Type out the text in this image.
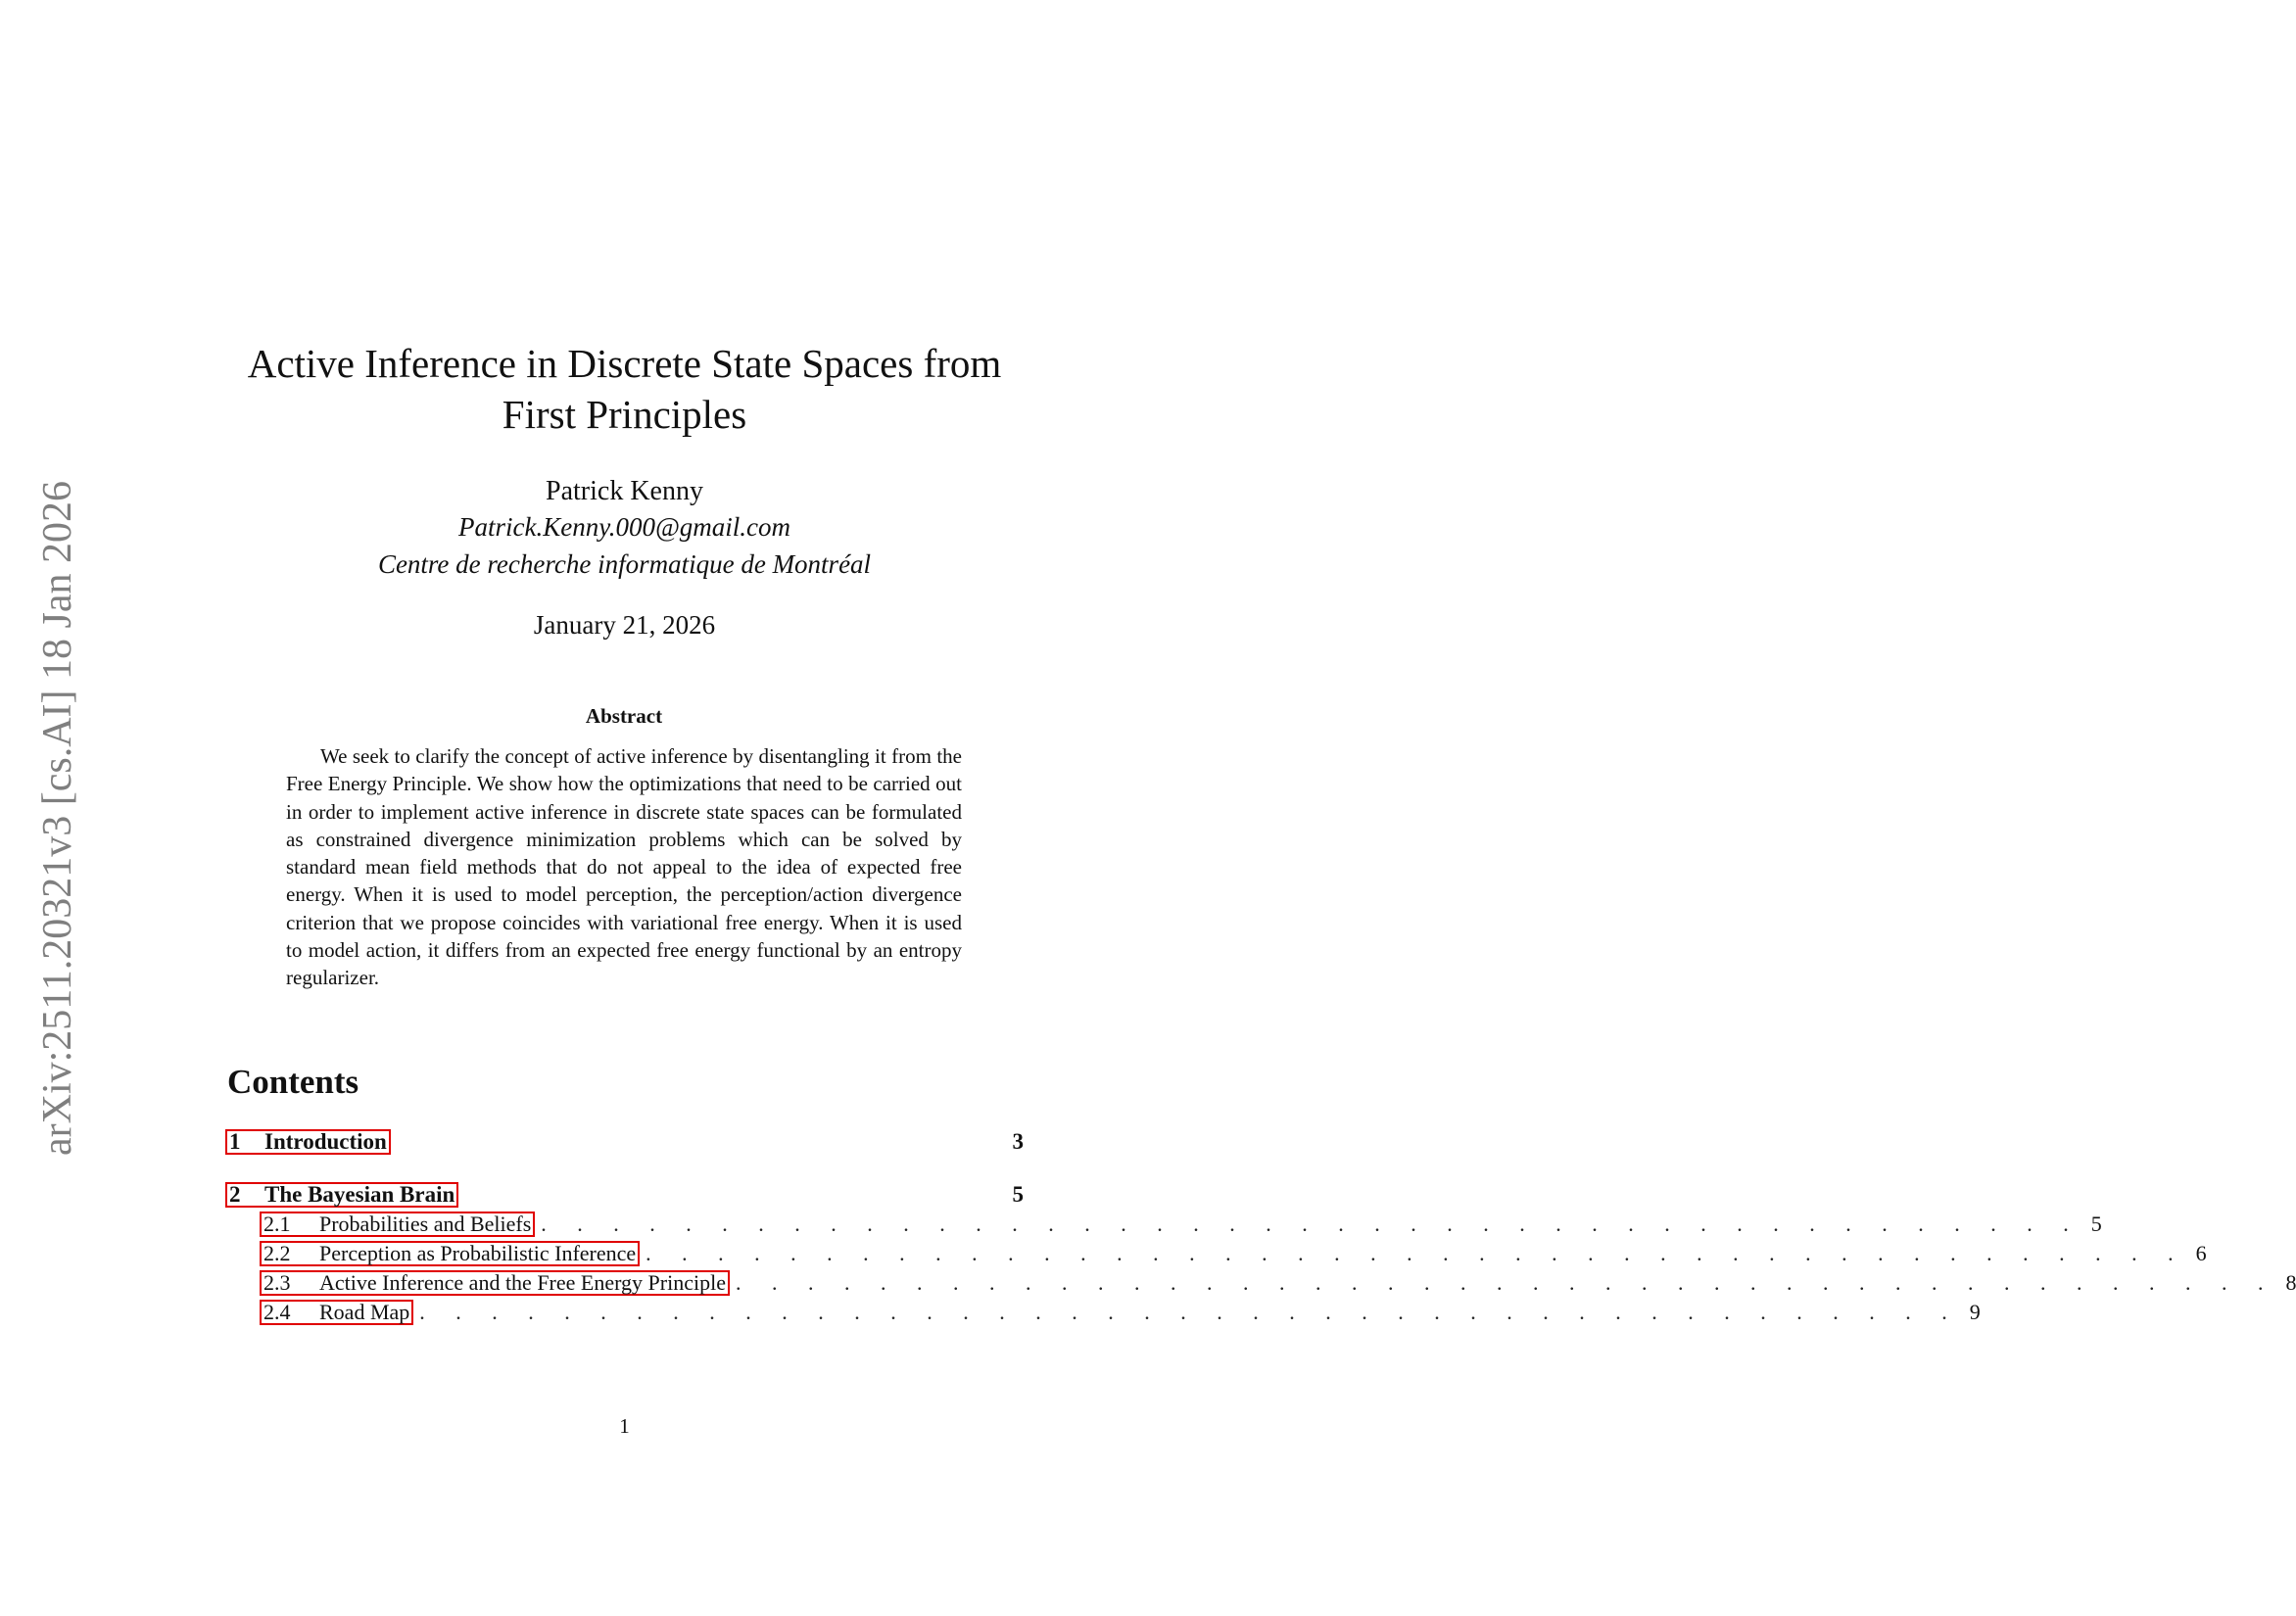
arXiv:2511.20321v3 [cs.AI] 18 Jan 2026
Active Inference in Discrete State Spaces from
First Principles
Patrick Kenny
Patrick.Kenny.000@gmail.com
Centre de recherche informatique de Montréal
January 21, 2026
Abstract

We seek to clarify the concept of active inference by disentangling it from the Free Energy Principle. We show how the optimizations that need to be carried out in order to implement active inference in discrete state spaces can be formulated as constrained divergence minimization problems which can be solved by standard mean field methods that do not appeal to the idea of expected free energy. When it is used to model perception, the perception/action divergence criterion that we propose coincides with variational free energy. When it is used to model action, it differs from an expected free energy functional by an entropy regularizer.

Contents
1	Introduction	3
2	The Bayesian Brain	5
2.1	Probabilities and Beliefs . . . . . . . . . . . . . . . . . . . . . . . . . . . . . . . . . . . . . . . . . . . 5
2.2	Perception as Probabilistic Inference . . . . . . . . . . . . . . . . . . . . . . . . . . . . . . . . . . . . . . . . . . . 6
2.3	Active Inference and the Free Energy Principle . . . . . . . . . . . . . . . . . . . . . . . . . . . . . . . . . . . . . . . . . . . 8
2.4	Road Map . . . . . . . . . . . . . . . . . . . . . . . . . . . . . . . . . . . . . . . . . . . 9
1
